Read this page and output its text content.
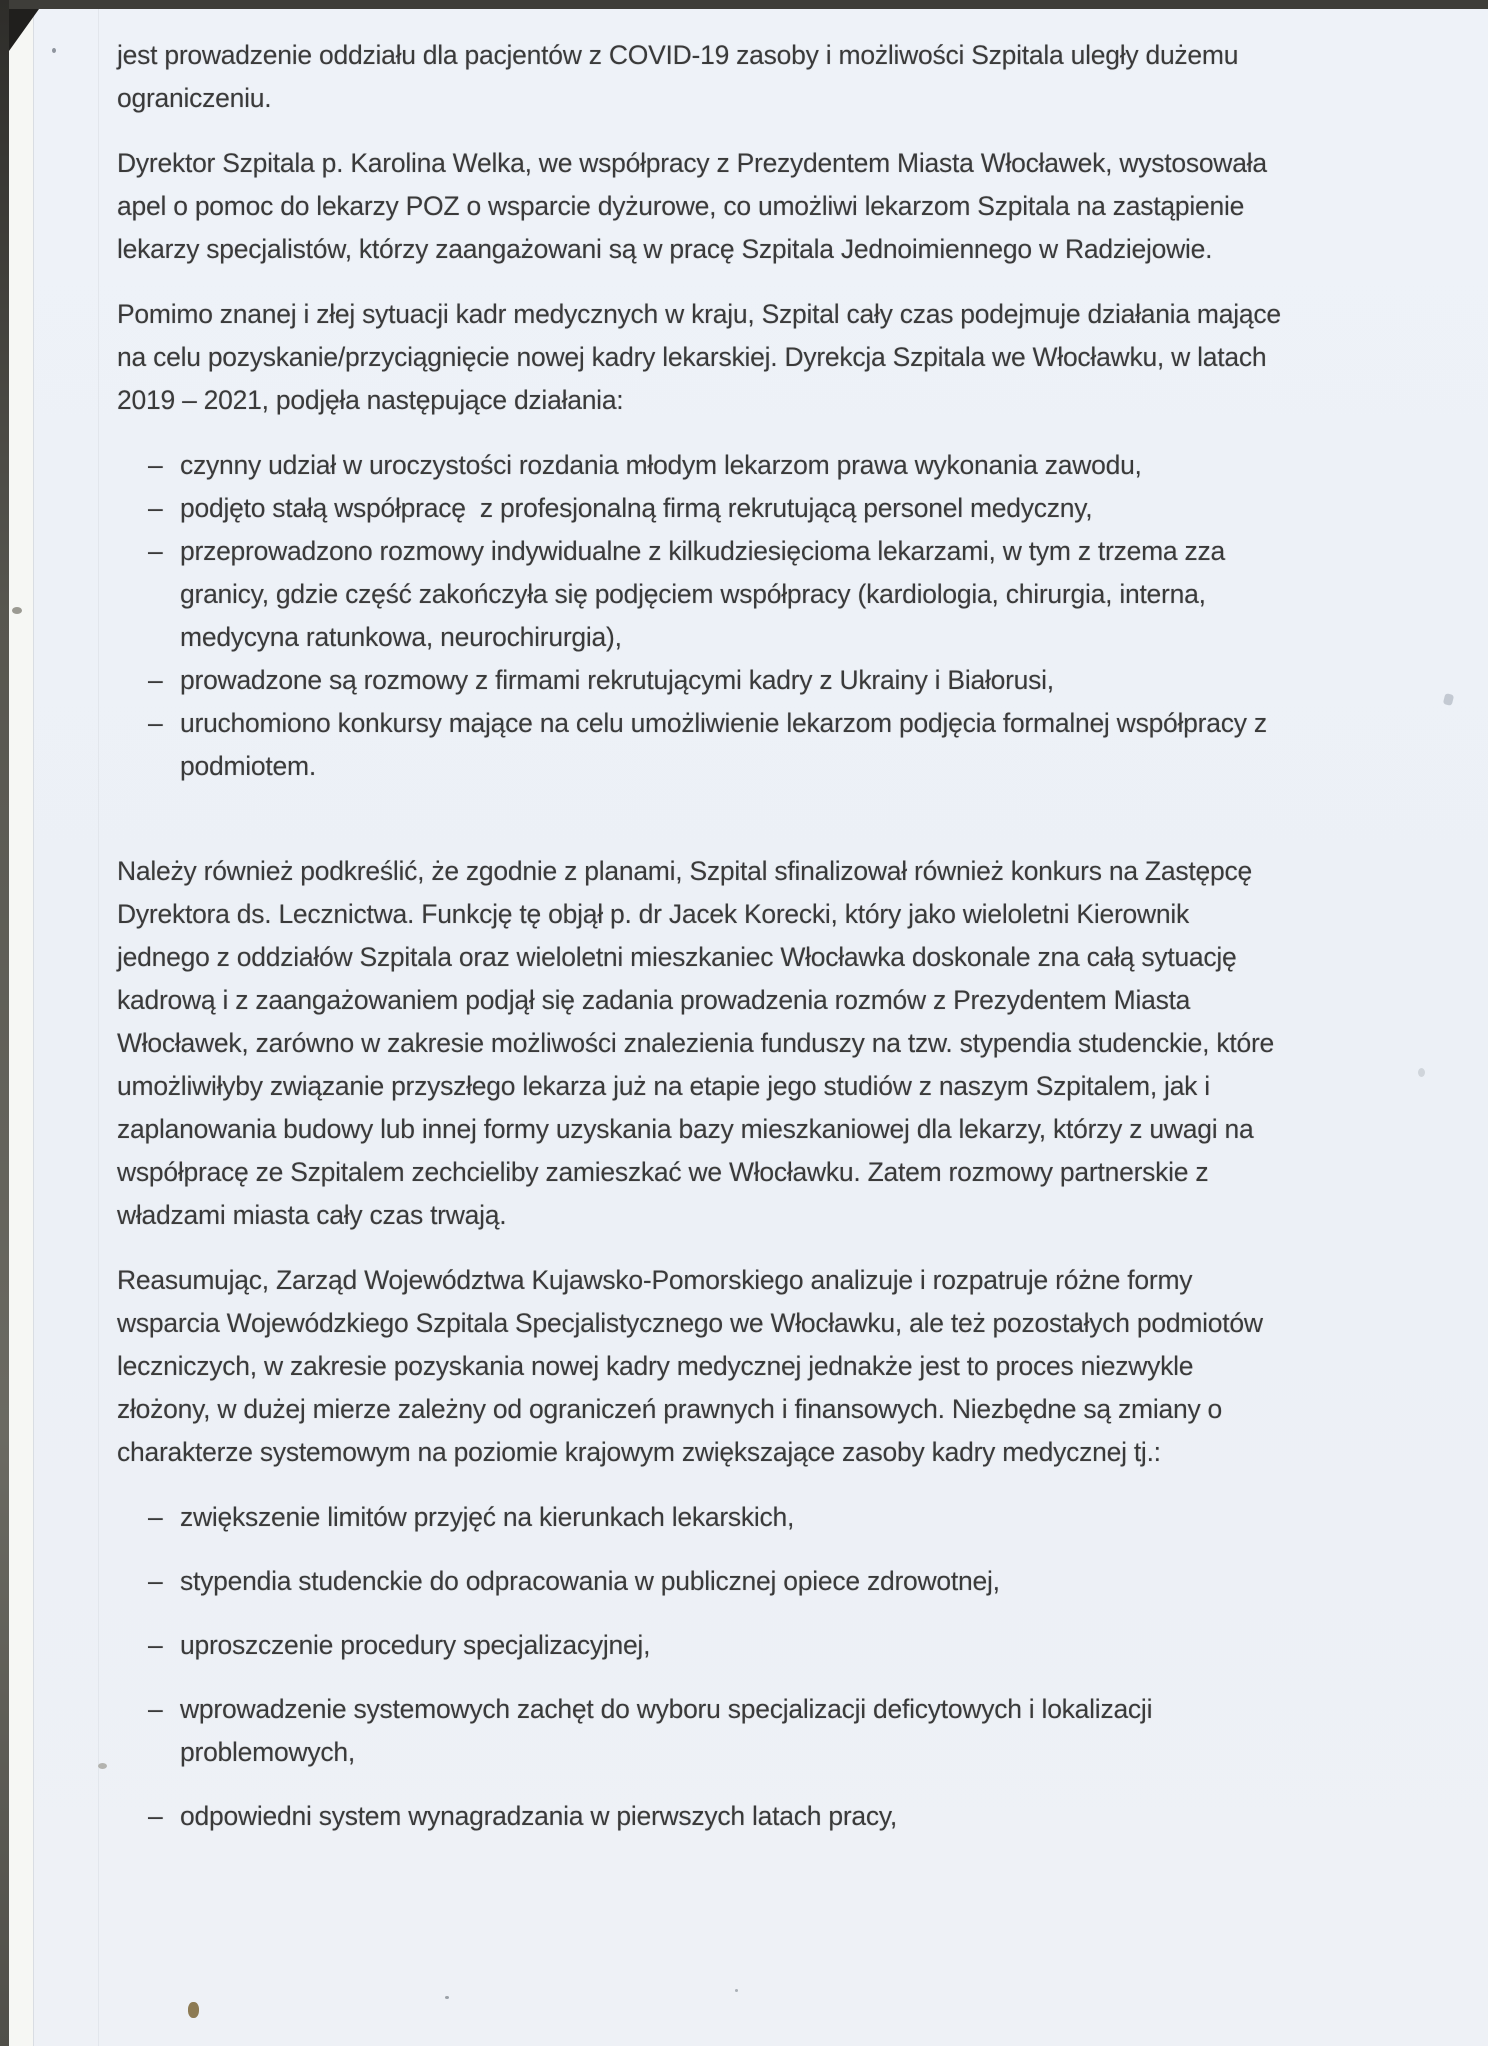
jest prowadzenie oddziału dla pacjentów z COVID-19 zasoby i możliwości Szpitala uległy dużemu ograniczeniu.

Dyrektor Szpitala p. Karolina Welka, we współpracy z Prezydentem Miasta Włocławek, wystosowała apel o pomoc do lekarzy POZ o wsparcie dyżurowe, co umożliwi lekarzom Szpitala na zastąpienie lekarzy specjalistów, którzy zaangażowani są w pracę Szpitala Jednoimiennego w Radziejowie.

Pomimo znanej i złej sytuacji kadr medycznych w kraju, Szpital cały czas podejmuje działania mające na celu pozyskanie/przyciągnięcie nowej kadry lekarskiej. Dyrekcja Szpitala we Włocławku, w latach 2019 – 2021, podjęła następujące działania:

– czynny udział w uroczystości rozdania młodym lekarzom prawa wykonania zawodu,
– podjęto stałą współpracę  z profesjonalną firmą rekrutującą personel medyczny,
– przeprowadzono rozmowy indywidualne z kilkudziesięcioma lekarzami, w tym z trzema zza granicy, gdzie część zakończyła się podjęciem współpracy (kardiologia, chirurgia, interna, medycyna ratunkowa, neurochirurgia),
– prowadzone są rozmowy z firmami rekrutującymi kadry z Ukrainy i Białorusi,
– uruchomiono konkursy mające na celu umożliwienie lekarzom podjęcia formalnej współpracy z podmiotem.

Należy również podkreślić, że zgodnie z planami, Szpital sfinalizował również konkurs na Zastępcę Dyrektora ds. Lecznictwa. Funkcję tę objął p. dr Jacek Korecki, który jako wieloletni Kierownik jednego z oddziałów Szpitala oraz wieloletni mieszkaniec Włocławka doskonale zna całą sytuację kadrową i z zaangażowaniem podjął się zadania prowadzenia rozmów z Prezydentem Miasta Włocławek, zarówno w zakresie możliwości znalezienia funduszy na tzw. stypendia studenckie, które umożliwiłyby związanie przyszłego lekarza już na etapie jego studiów z naszym Szpitalem, jak i zaplanowania budowy lub innej formy uzyskania bazy mieszkaniowej dla lekarzy, którzy z uwagi na współpracę ze Szpitalem zechcieliby zamieszkać we Włocławku. Zatem rozmowy partnerskie z władzami miasta cały czas trwają.

Reasumując, Zarząd Województwa Kujawsko-Pomorskiego analizuje i rozpatruje różne formy wsparcia Wojewódzkiego Szpitala Specjalistycznego we Włocławku, ale też pozostałych podmiotów leczniczych, w zakresie pozyskania nowej kadry medycznej jednakże jest to proces niezwykle złożony, w dużej mierze zależny od ograniczeń prawnych i finansowych. Niezbędne są zmiany o charakterze systemowym na poziomie krajowym zwiększające zasoby kadry medycznej tj.:

– zwiększenie limitów przyjęć na kierunkach lekarskich,
– stypendia studenckie do odpracowania w publicznej opiece zdrowotnej,
– uproszczenie procedury specjalizacyjnej,
– wprowadzenie systemowych zachęt do wyboru specjalizacji deficytowych i lokalizacji problemowych,
– odpowiedni system wynagradzania w pierwszych latach pracy,
